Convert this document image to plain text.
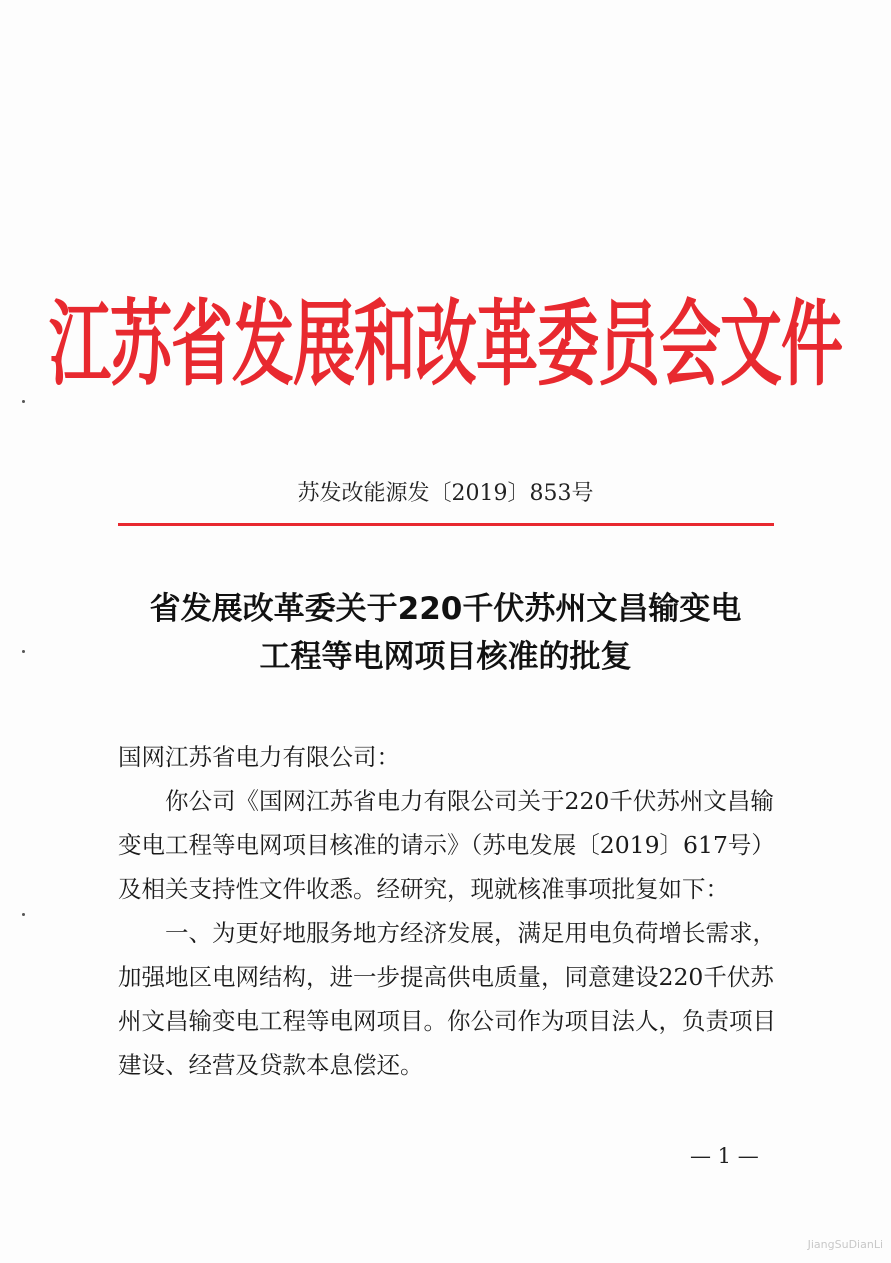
江苏省发展和改革委员会文件
苏发改能源发〔2019〕853号
省发展改革委关于220千伏苏州文昌输变电
工程等电网项目核准的批复

国网江苏省电力有限公司：

你公司《国网江苏省电力有限公司关于220千伏苏州文昌输

变电工程等电网项目核准的请示》（苏电发展〔2019〕617号）

及相关支持性文件收悉。经研究，现就核准事项批复如下：

一、为更好地服务地方经济发展，满足用电负荷增长需求，

加强地区电网结构，进一步提高供电质量，同意建设220千伏苏

州文昌输变电工程等电网项目。你公司作为项目法人，负责项目

建设、经营及贷款本息偿还。

— 1 —
JiangSuDianLi
